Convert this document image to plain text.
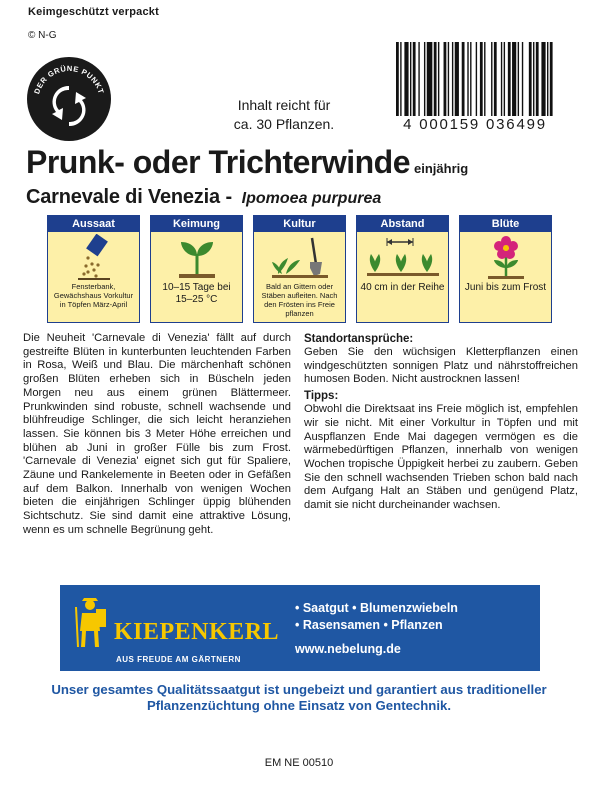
Keimgeschützt verpackt
© N-G
DER GRÜNE PUNKT
Inhalt reicht für
ca. 30 Pflanzen.	4 000159 036499
Prunk- oder Trichterwinde einjährig
Carnevale di Venezia - Ipomoea purpurea
Aussaat
Fensterbank, Gewächshaus Vorkultur in Töpfen März-April
Keimung
10–15 Tage bei 15–25 °C
Kultur
Bald an Gittern oder Stäben aufleiten. Nach den Frösten ins Freie pflanzen
Abstand
40 cm in der Reihe
Blüte
Juni bis zum Frost
Die Neuheit 'Carnevale di Venezia' fällt auf durch gestreifte Blüten in kunterbunten leuchtenden Farben in Rosa, Weiß und Blau. Die märchenhaft schönen großen Blüten erheben sich in Büscheln jeden Morgen neu aus einem grünen Blättermeer. Prunkwinden sind robuste, schnell wachsende und blühfreudige Schlinger, die sich leicht heranziehen lassen. Sie können bis 3 Meter Höhe erreichen und blühen ab Juni in großer Fülle bis zum Frost. 'Carnevale di Venezia' eignet sich gut für Spaliere, Zäune und Rankelemente in Beeten oder in Gefäßen auf dem Balkon. Innerhalb von wenigen Wochen bieten die einjährigen Schlinger üppig blühenden Sichtschutz. Sie sind damit eine attraktive Lösung, wenn es um schnelle Begrünung geht.
Standortansprüche:

Geben Sie den wüchsigen Kletterpflanzen einen windgeschützten sonnigen Platz und nährstoffreichen humosen Boden. Nicht austrocknen lassen!

Tipps:

Obwohl die Direktsaat ins Freie möglich ist, empfehlen wir sie nicht. Mit einer Vorkultur in Töpfen und mit Auspflanzen Ende Mai dagegen vermögen es die wärmebedürftigen Pflanzen, innerhalb von wenigen Wochen tropische Üppigkeit herbei zu zaubern. Geben Sie den schnell wachsenden Trieben schon bald nach dem Aufgang Halt an Stäben und genügend Platz, damit sie nicht durcheinander wachsen.

KIEPENKERL
AUS FREUDE AM GÄRTNERN
• Saatgut • Blumenzwiebeln
• Rasensamen • Pflanzen
www.nebelung.de
Unser gesamtes Qualitätssaatgut ist ungebeizt und garantiert aus traditioneller Pflanzenzüchtung ohne Einsatz von Gentechnik.
EM NE 00510
